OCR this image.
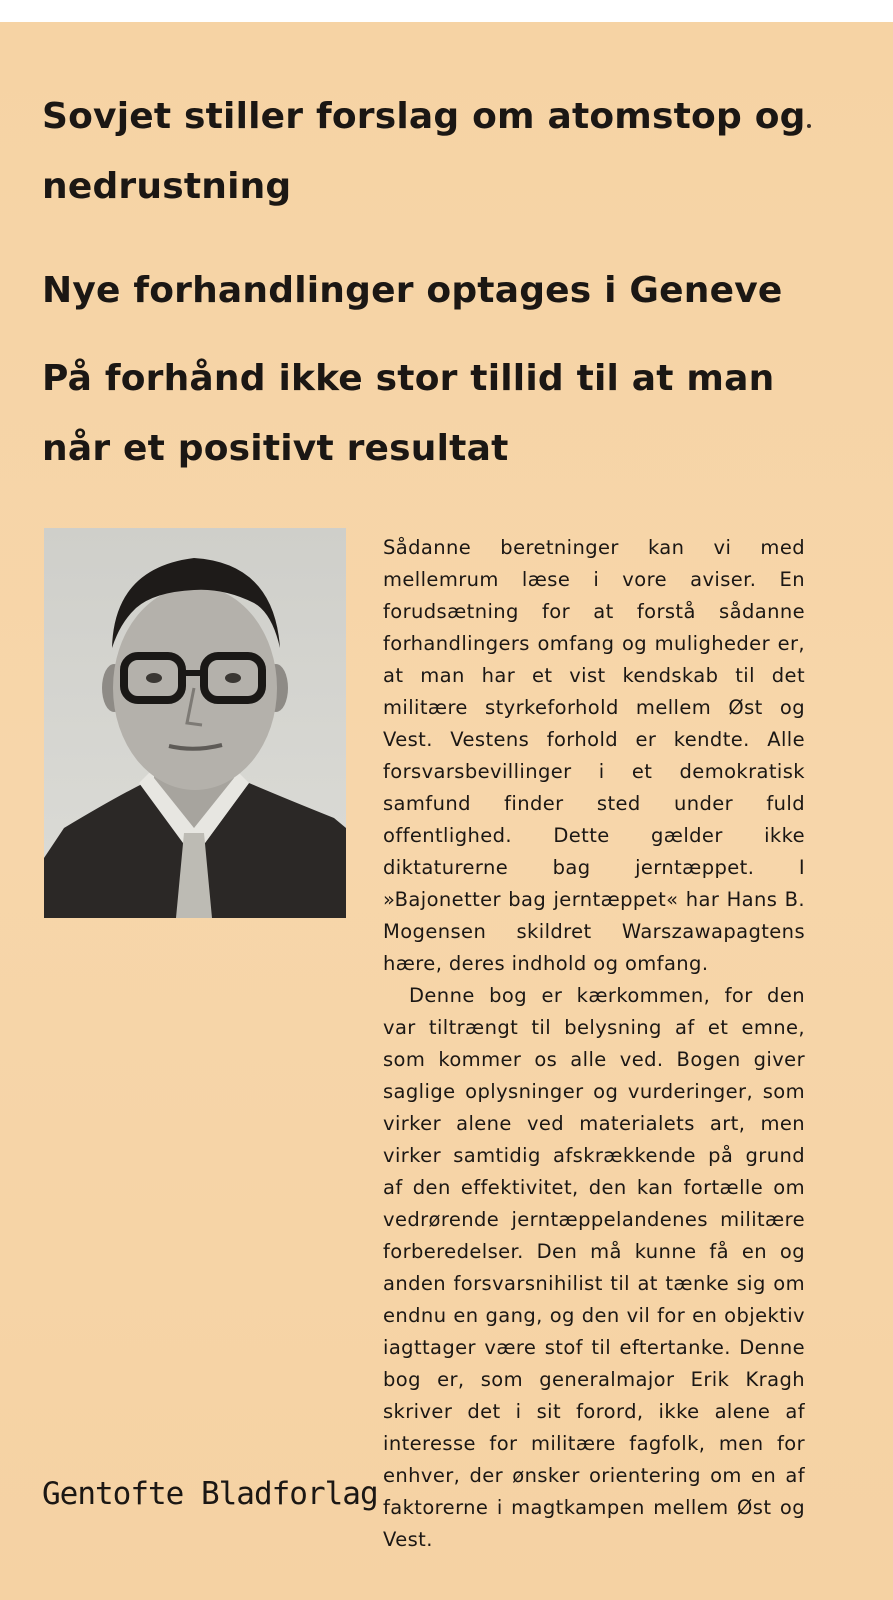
Sovjet stiller forslag om atomstop og nedrustning
Nye forhandlinger optages i Geneve
På forhånd ikke stor tillid til at man når et positivt resultat

Sådanne beretninger kan vi med mellemrum læse i vore aviser. En forudsætning for at forstå sådanne forhandlingers omfang og muligheder er, at man har et vist kendskab til det militære styrkeforhold mellem Øst og Vest. Vestens forhold er kendte. Alle forsvarsbevillinger i et demokratisk samfund finder sted under fuld offentlighed. Dette gælder ikke diktaturerne bag jerntæppet. I »Bajonetter bag jerntæppet« har Hans B. Mogensen skildret Warszawapagtens hære, deres indhold og omfang.

Denne bog er kærkommen, for den var tiltrængt til belysning af et emne, som kommer os alle ved. Bogen giver saglige oplysninger og vurderinger, som virker alene ved materialets art, men virker samtidig afskrækkende på grund af den effektivitet, den kan fortælle om vedrørende jerntæppelandenes militære forberedelser. Den må kunne få en og anden forsvarsnihilist til at tænke sig om endnu en gang, og den vil for en objektiv iagttager være stof til eftertanke. Denne bog er, som generalmajor Erik Kragh skriver det i sit forord, ikke alene af interesse for militære fagfolk, men for enhver, der ønsker orientering om en af faktorerne i magtkampen mellem Øst og Vest.

Gentofte Bladforlag
